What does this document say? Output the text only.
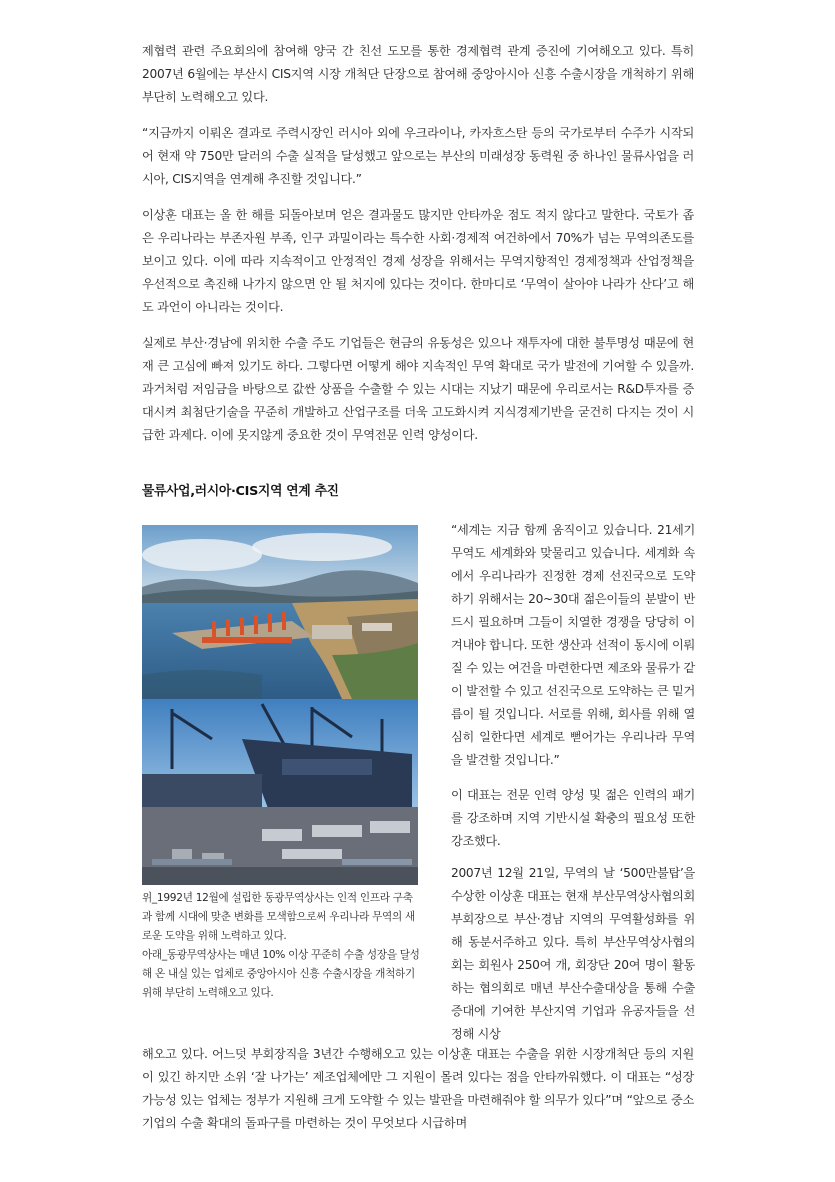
제협력 관련 주요회의에 참여해 양국 간 친선 도모를 통한 경제협력 관계 증진에 기여해오고 있다. 특히 2007년 6월에는 부산시 CIS지역 시장 개척단 단장으로 참여해 중앙아시아 신흥 수출시장을 개척하기 위해 부단히 노력해오고 있다.

“지금까지 이뤄온 결과로 주력시장인 러시아 외에 우크라이나, 카자흐스탄 등의 국가로부터 수주가 시작되어 현재 약 750만 달러의 수출 실적을 달성했고 앞으로는 부산의 미래성장 동력원 중 하나인 물류사업을 러시아, CIS지역을 연계해 추진할 것입니다.”

이상훈 대표는 올 한 해를 되돌아보며 얻은 결과물도 많지만 안타까운 점도 적지 않다고 말한다. 국토가 좁은 우리나라는 부존자원 부족, 인구 과밀이라는 특수한 사회·경제적 여건하에서 70%가 넘는 무역의존도를 보이고 있다. 이에 따라 지속적이고 안정적인 경제 성장을 위해서는 무역지향적인 경제정책과 산업정책을 우선적으로 촉진해 나가지 않으면 안 될 처지에 있다는 것이다. 한마디로 ‘무역이 살아야 나라가 산다’고 해도 과언이 아니라는 것이다.

실제로 부산·경남에 위치한 수출 주도 기업들은 현금의 유동성은 있으나 재투자에 대한 불투명성 때문에 현재 큰 고심에 빠져 있기도 하다. 그렇다면 어떻게 해야 지속적인 무역 확대로 국가 발전에 기여할 수 있을까. 과거처럼 저임금을 바탕으로 값싼 상품을 수출할 수 있는 시대는 지났기 때문에 우리로서는 R&D투자를 증대시켜 최첨단기술을 꾸준히 개발하고 산업구조를 더욱 고도화시켜 지식경제기반을 굳건히 다지는 것이 시급한 과제다. 이에 못지않게 중요한 것이 무역전문 인력 양성이다.

물류사업,러시아·CIS지역 연계 추진

위_1992년 12월에 설립한 동광무역상사는 인적 인프라 구축과 함께 시대에 맞춘 변화를 모색함으로써 우리나라 무역의 새로운 도약을 위해 노력하고 있다.
아래_동광무역상사는 매년 10% 이상 꾸준히 수출 성장을 달성해 온 내실 있는 업체로 중앙아시아 신흥 수출시장을 개척하기 위해 부단히 노력해오고 있다.

“세계는 지금 함께 움직이고 있습니다. 21세기 무역도 세계화와 맞물리고 있습니다. 세계화 속에서 우리나라가 진정한 경제 선진국으로 도약하기 위해서는 20~30대 젊은이들의 분발이 반드시 필요하며 그들이 치열한 경쟁을 당당히 이겨내야 합니다. 또한 생산과 선적이 동시에 이뤄질 수 있는 여건을 마련한다면 제조와 물류가 같이 발전할 수 있고 선진국으로 도약하는 큰 밑거름이 될 것입니다. 서로를 위해, 회사를 위해 열심히 일한다면 세계로 뻗어가는 우리나라 무역을 발견할 것입니다.”

이 대표는 전문 인력 양성 및 젊은 인력의 패기를 강조하며 지역 기반시설 확충의 필요성 또한 강조했다.

2007년 12월 21일, 무역의 날 ‘500만불탑’을 수상한 이상훈 대표는 현재 부산무역상사협의회 부회장으로 부산·경남 지역의 무역활성화를 위해 동분서주하고 있다. 특히 부산무역상사협의회는 회원사 250여 개, 회장단 20여 명이 활동하는 협의회로 매년 부산수출대상을 통해 수출 증대에 기여한 부산지역 기업과 유공자들을 선정해 시상

해오고 있다. 어느덧 부회장직을 3년간 수행해오고 있는 이상훈 대표는 수출을 위한 시장개척단 등의 지원이 있긴 하지만 소위 ‘잘 나가는’ 제조업체에만 그 지원이 몰려 있다는 점을 안타까워했다. 이 대표는 “성장 가능성 있는 업체는 정부가 지원해 크게 도약할 수 있는 발판을 마련해줘야 할 의무가 있다”며 “앞으로 중소기업의 수출 확대의 돌파구를 마련하는 것이 무엇보다 시급하며
